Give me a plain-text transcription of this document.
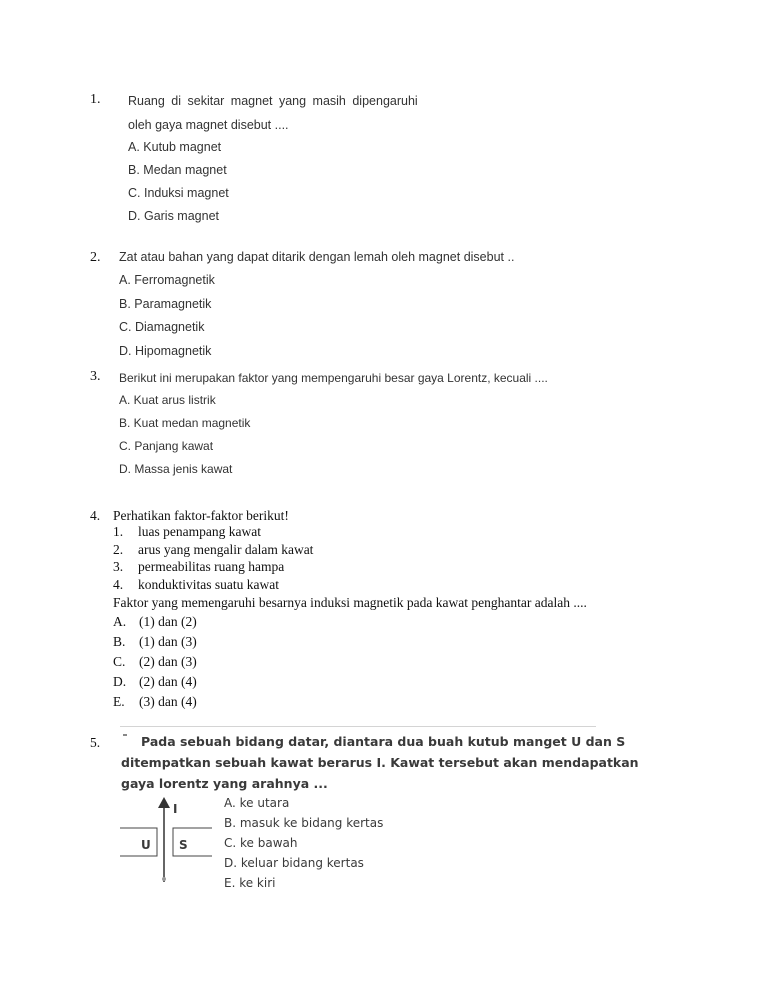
1. Ruang di sekitar magnet yang masih dipengaruhi
oleh gaya magnet disebut ....
A. Kutub magnet
B. Medan magnet
C. Induksi magnet
D. Garis magnet
2. Zat atau bahan yang dapat ditarik dengan lemah oleh magnet disebut ..
A. Ferromagnetik
B. Paramagnetik
C. Diamagnetik
D. Hipomagnetik
3. Berikut ini merupakan faktor yang mempengaruhi besar gaya Lorentz, kecuali ....
A. Kuat arus listrik
B. Kuat medan magnetik
C. Panjang kawat
D. Massa jenis kawat
4. Perhatikan faktor-faktor berikut!
1. luas penampang kawat
2. arus yang mengalir dalam kawat
3. permeabilitas ruang hampa
4. konduktivitas suatu kawat
Faktor yang memengaruhi besarnya induksi magnetik pada kawat penghantar adalah ....
A. (1) dan (2)
B. (1) dan (3)
C. (2) dan (3)
D. (2) dan (4)
E. (3) dan (4)
5.	Pada sebuah bidang datar, diantara dua buah kutub manget U dan S
ditempatkan sebuah kawat berarus I. Kawat tersebut akan mendapatkan
gaya lorentz yang arahnya ...
I
U S
A. ke utara
B. masuk ke bidang kertas
C. ke bawah
D. keluar bidang kertas
E. ke kiri
